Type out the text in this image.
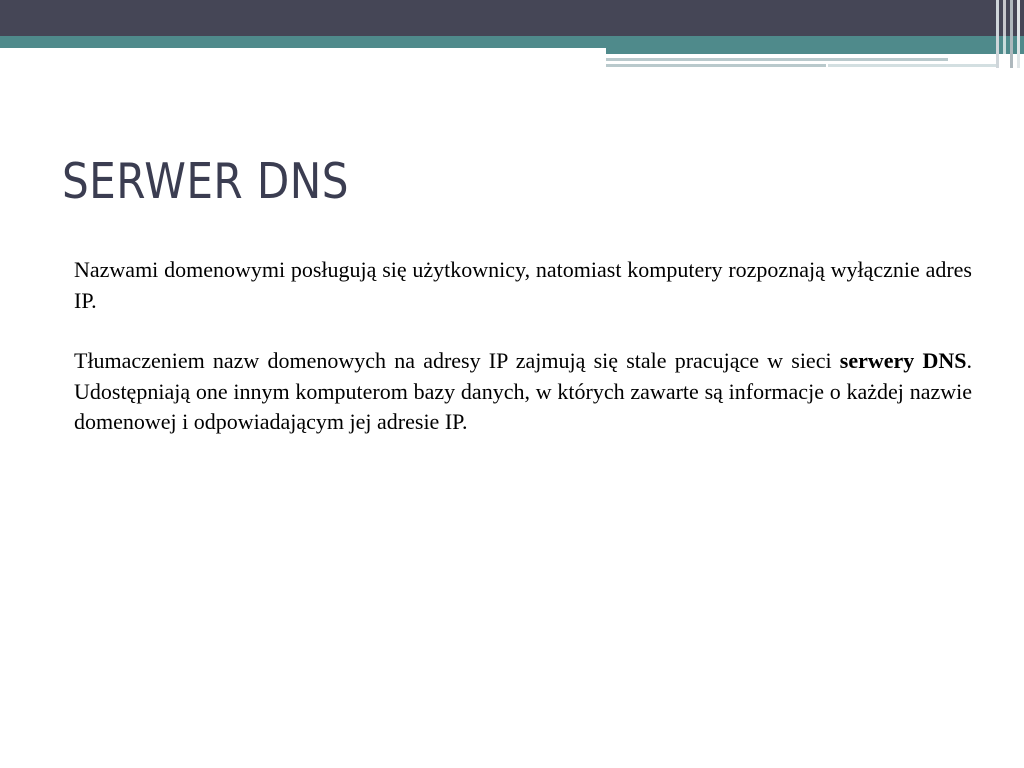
SERWER DNS

Nazwami domenowymi posługują się użytkownicy, natomiast komputery rozpoznają wyłącznie adres IP.

Tłumaczeniem nazw domenowych na adresy IP zajmują się stale pracujące w sieci serwery DNS. Udostępniają one innym komputerom bazy danych, w których zawarte są informacje o każdej nazwie domenowej i odpowiadającym jej adresie IP.
